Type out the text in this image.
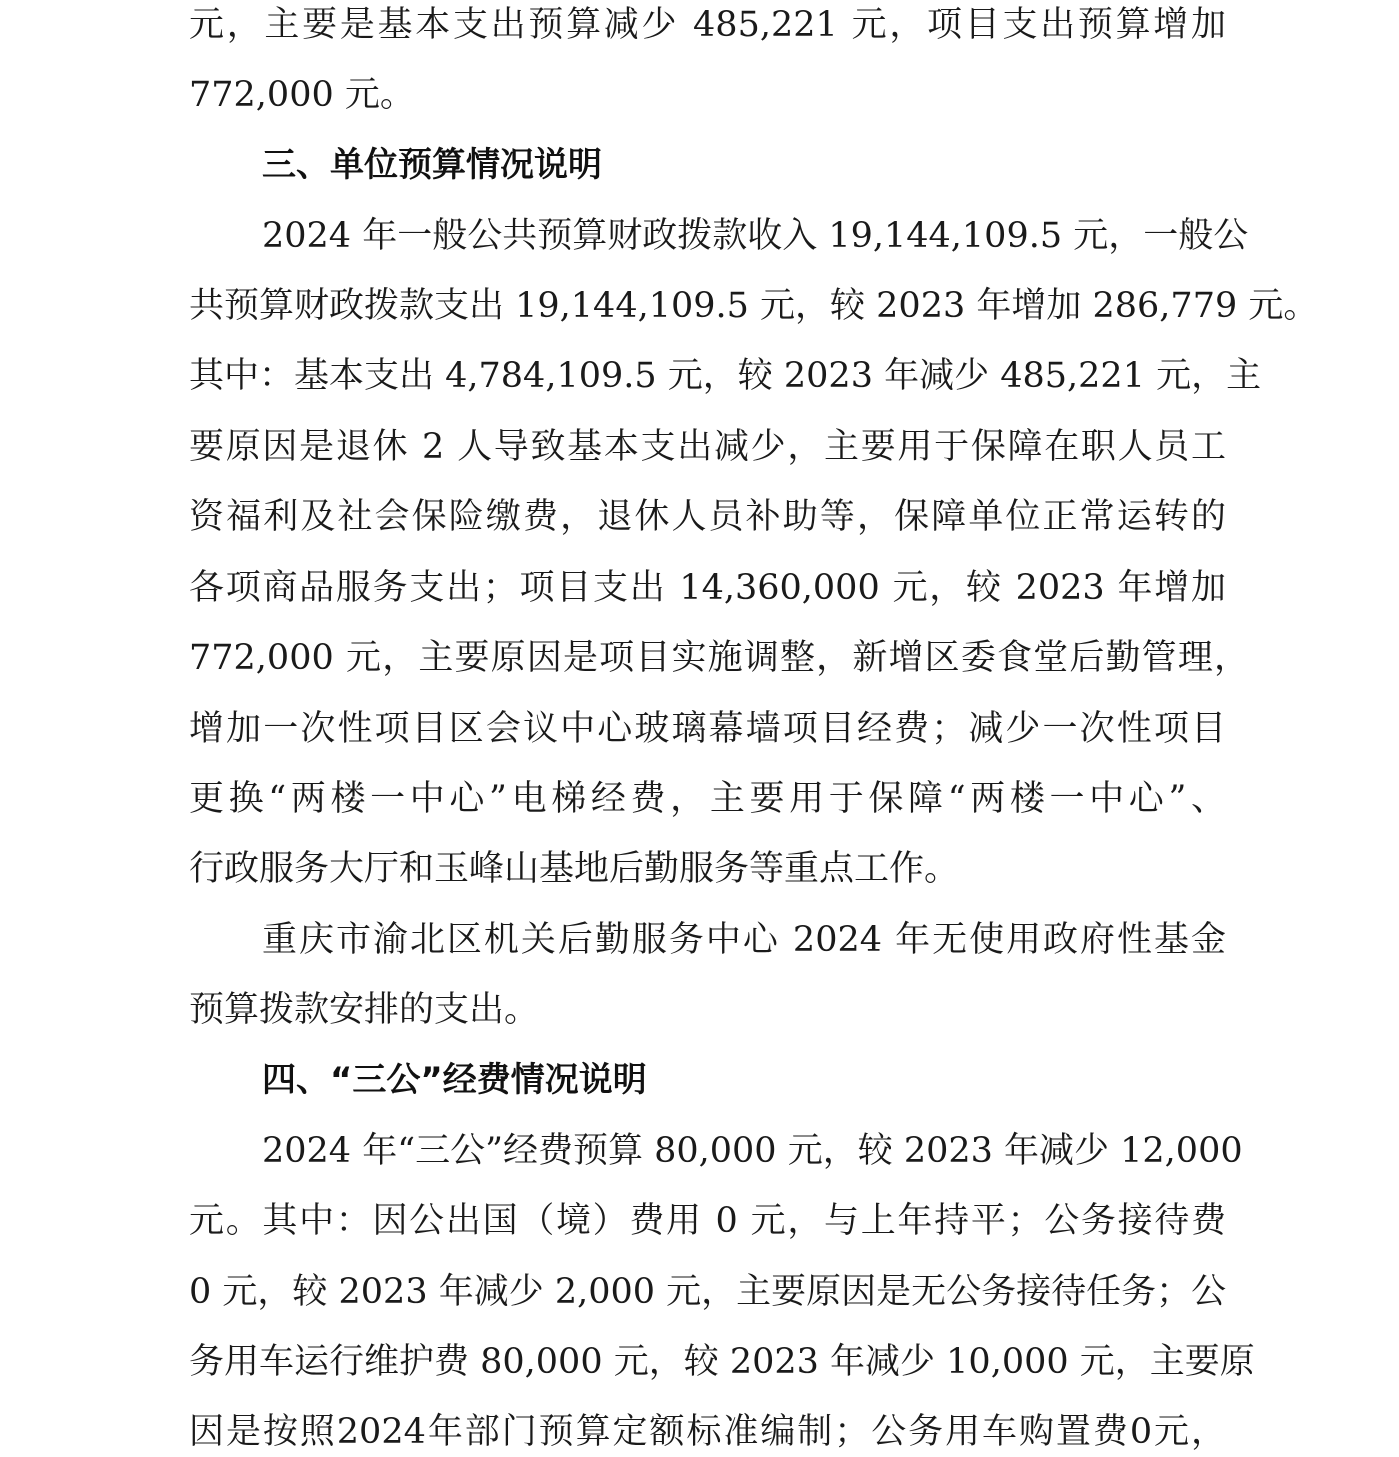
元，主要是基本支出预算减少 485,221 元，项目支出预算增加
772,000 元。
三、单位预算情况说明
2024 年一般公共预算财政拨款收入 19,144,109.5 元，一般公
共预算财政拨款支出 19,144,109.5 元，较 2023 年增加 286,779 元。
其中：基本支出 4,784,109.5 元，较 2023 年减少 485,221 元，主
要原因是退休 2 人导致基本支出减少，主要用于保障在职人员工
资福利及社会保险缴费，退休人员补助等，保障单位正常运转的
各项商品服务支出；项目支出 14,360,000 元，较 2023 年增加
772,000 元，主要原因是项目实施调整，新增区委食堂后勤管理，
增加一次性项目区会议中心玻璃幕墙项目经费；减少一次性项目
更换“两楼一中心”电梯经费，主要用于保障“两楼一中心”、
行政服务大厅和玉峰山基地后勤服务等重点工作。
重庆市渝北区机关后勤服务中心 2024 年无使用政府性基金
预算拨款安排的支出。
四、“三公”经费情况说明
2024 年“三公”经费预算 80,000 元，较 2023 年减少 12,000
元。其中：因公出国（境）费用 0 元，与上年持平；公务接待费
0 元，较 2023 年减少 2,000 元，主要原因是无公务接待任务；公
务用车运行维护费 80,000 元，较 2023 年减少 10,000 元，主要原
因是按照2024年部门预算定额标准编制；公务用车购置费0元，
